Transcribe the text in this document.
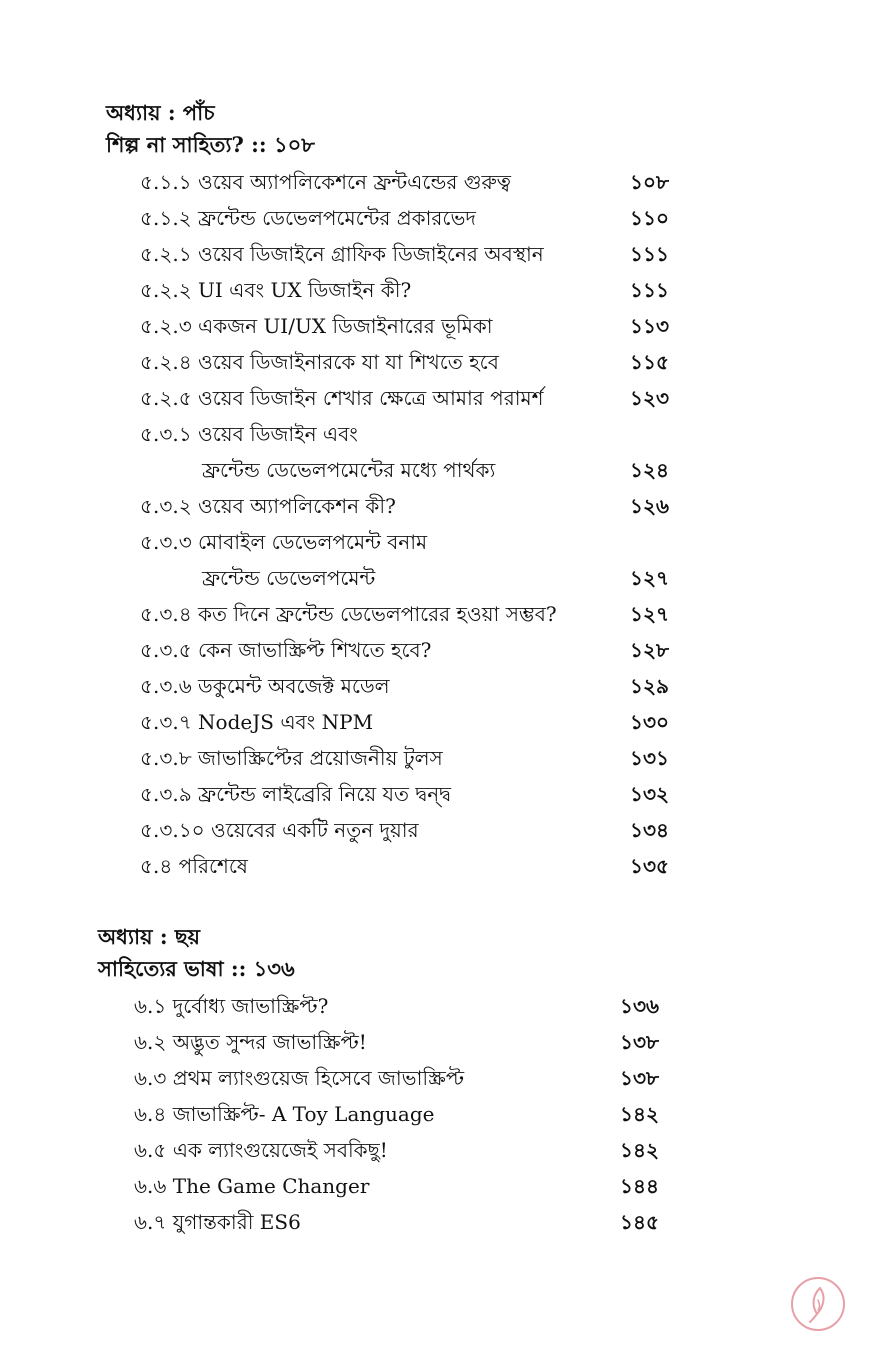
অধ্যায় : পাঁচ
শিল্প না সাহিত্য? :: ১০৮
৫.১.১ ওয়েব অ্যাপলিকেশনে ফ্রন্টএন্ডের গুরুত্ব	১০৮
৫.১.২ ফ্রন্টেন্ড ডেভেলপমেন্টের প্রকারভেদ	১১০
৫.২.১ ওয়েব ডিজাইনে গ্রাফিক ডিজাইনের অবস্থান	১১১
৫.২.২ UI এবং UX ডিজাইন কী?	১১১
৫.২.৩ একজন UI/UX ডিজাইনারের ভূমিকা	১১৩
৫.২.৪ ওয়েব ডিজাইনারকে যা যা শিখতে হবে	১১৫
৫.২.৫ ওয়েব ডিজাইন শেখার ক্ষেত্রে আমার পরামর্শ	১২৩
৫.৩.১ ওয়েব ডিজাইন এবং
ফ্রন্টেন্ড ডেভেলপমেন্টের মধ্যে পার্থক্য	১২৪
৫.৩.২ ওয়েব অ্যাপলিকেশন কী?	১২৬
৫.৩.৩ মোবাইল ডেভেলপমেন্ট বনাম
ফ্রন্টেন্ড ডেভেলপমেন্ট	১২৭
৫.৩.৪ কত দিনে ফ্রন্টেন্ড ডেভেলপারের হওয়া সম্ভব?	১২৭
৫.৩.৫ কেন জাভাস্ক্রিপ্ট শিখতে হবে?	১২৮
৫.৩.৬ ডকুমেন্ট অবজেক্ট মডেল	১২৯
৫.৩.৭ NodeJS এবং NPM	১৩০
৫.৩.৮ জাভাস্ক্রিপ্টের প্রয়োজনীয় টুলস	১৩১
৫.৩.৯ ফ্রন্টেন্ড লাইব্রেরি নিয়ে যত দ্বন্দ্ব	১৩২
৫.৩.১০ ওয়েবের একটি নতুন দুয়ার	১৩৪
৫.৪ পরিশেষে	১৩৫
অধ্যায় : ছয়
সাহিত্যের ভাষা :: ১৩৬
৬.১ দুর্বোধ্য জাভাস্ক্রিপ্ট?	১৩৬
৬.২ অদ্ভুত সুন্দর জাভাস্ক্রিপ্ট!	১৩৮
৬.৩ প্রথম ল্যাংগুয়েজ হিসেবে জাভাস্ক্রিপ্ট	১৩৮
৬.৪ জাভাস্ক্রিপ্ট- A Toy Language	১৪২
৬.৫ এক ল্যাংগুয়েজেই সবকিছু!	১৪২
৬.৬ The Game Changer	১৪৪
৬.৭ যুগান্তকারী ES6	১৪৫
